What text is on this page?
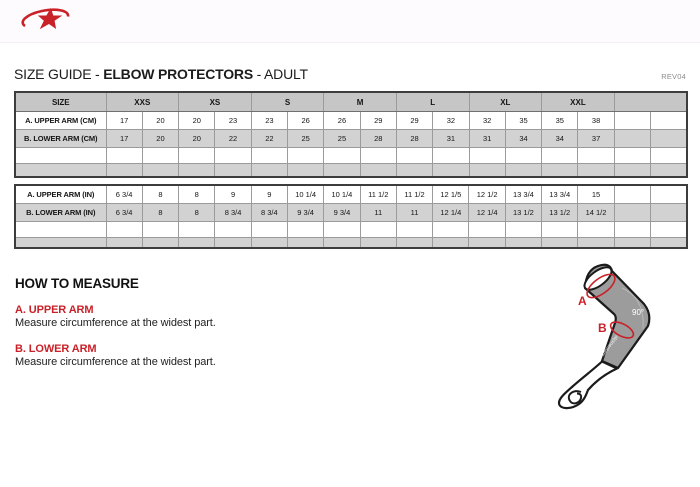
SIZE GUIDE - ELBOW PROTECTORS - ADULT	REV04
SIZE	XXS		XS		S		M		L		XL		XXL			
A. UPPER ARM (CM)	17	20	20	23	23	26	26	29	29	32	32	35	35	38		
B. LOWER ARM (CM)	17	20	20	22	22	25	25	28	28	31	31	34	34	37		

A. UPPER ARM (IN)	6 3/4	8	8	9	9	10 1/4	10 1/4	11 1/2	11 1/2	12 1/5	12 1/2	13 3/4	13 3/4	15		
B. LOWER ARM (IN)	6 3/4	8	8	8 3/4	8 3/4	9 3/4	9 3/4	11	11	12 1/4	12 1/4	13 1/2	13 1/2	14 1/2		

HOW TO MEASURE
A. UPPER ARM
Measure circumference at the widest part.
B. LOWER ARM
Measure circumference at the widest part.
A
B
90°
alpinestars
